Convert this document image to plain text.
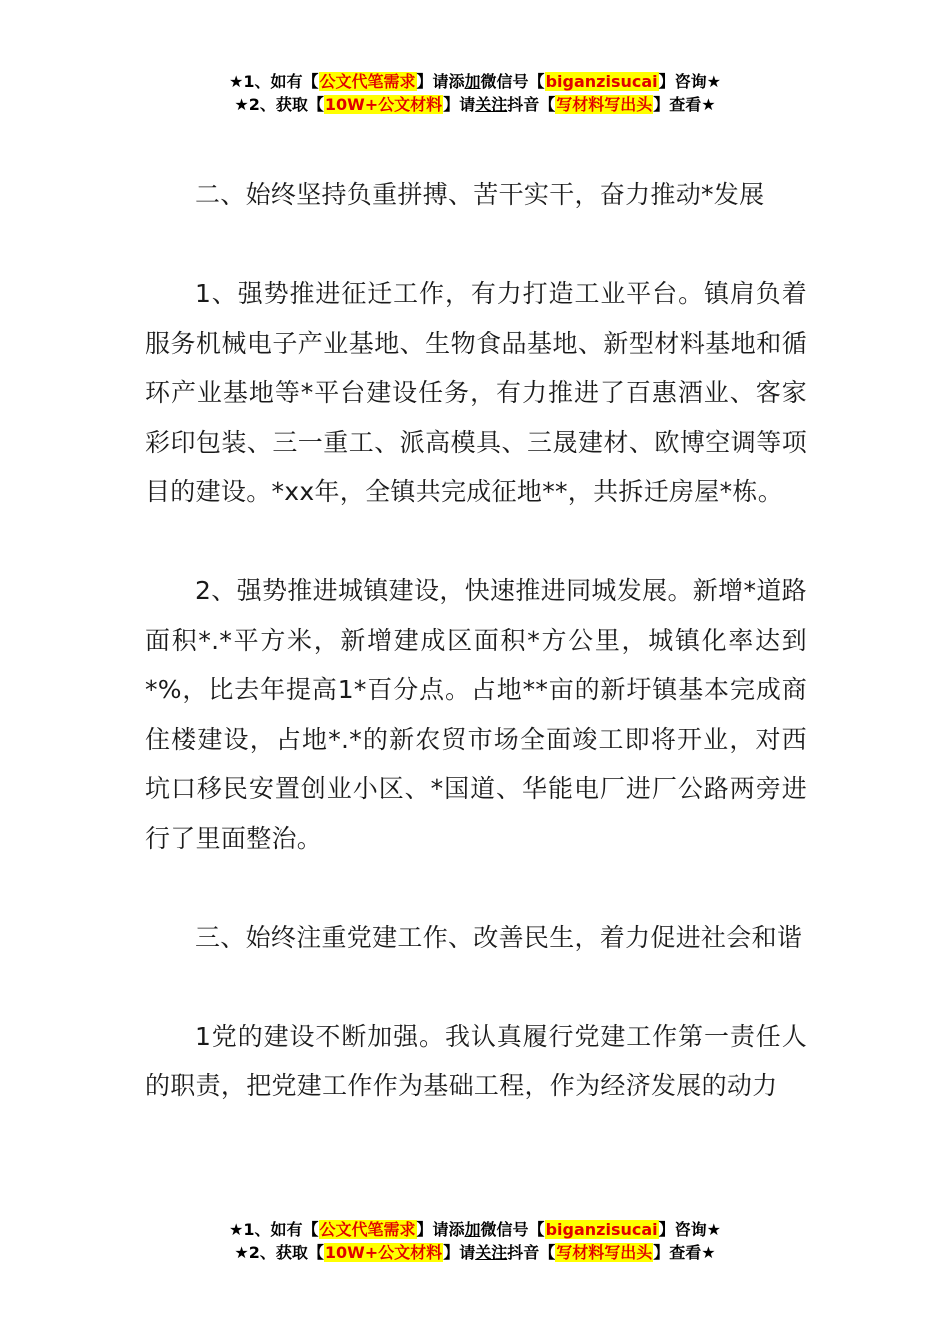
★1、如有【公文代笔需求】请添加微信号【biganzisucai】咨询★
★2、获取【10W+公文材料】请关注抖音【写材料写出头】查看★

二、始终坚持负重拼搏、苦干实干，奋力推动*发展

1、强势推进征迁工作，有力打造工业平台。镇肩负着服务机械电子产业基地、生物食品基地、新型材料基地和循环产业基地等*平台建设任务，有力推进了百惠酒业、客家彩印包装、三一重工、派高模具、三晟建材、欧博空调等项目的建设。*xx年，全镇共完成征地**，共拆迁房屋*栋。

2、强势推进城镇建设，快速推进同城发展。新增*道路面积*.*平方米，新增建成区面积*方公里，城镇化率达到*%，比去年提高1*百分点。占地**亩的新圩镇基本完成商住楼建设，占地*.*的新农贸市场全面竣工即将开业，对西坑口移民安置创业小区、*国道、华能电厂进厂公路两旁进行了里面整治。

三、始终注重党建工作、改善民生，着力促进社会和谐

1党的建设不断加强。我认真履行党建工作第一责任人的职责，把党建工作作为基础工程，作为经济发展的动力

★1、如有【公文代笔需求】请添加微信号【biganzisucai】咨询★
★2、获取【10W+公文材料】请关注抖音【写材料写出头】查看★
